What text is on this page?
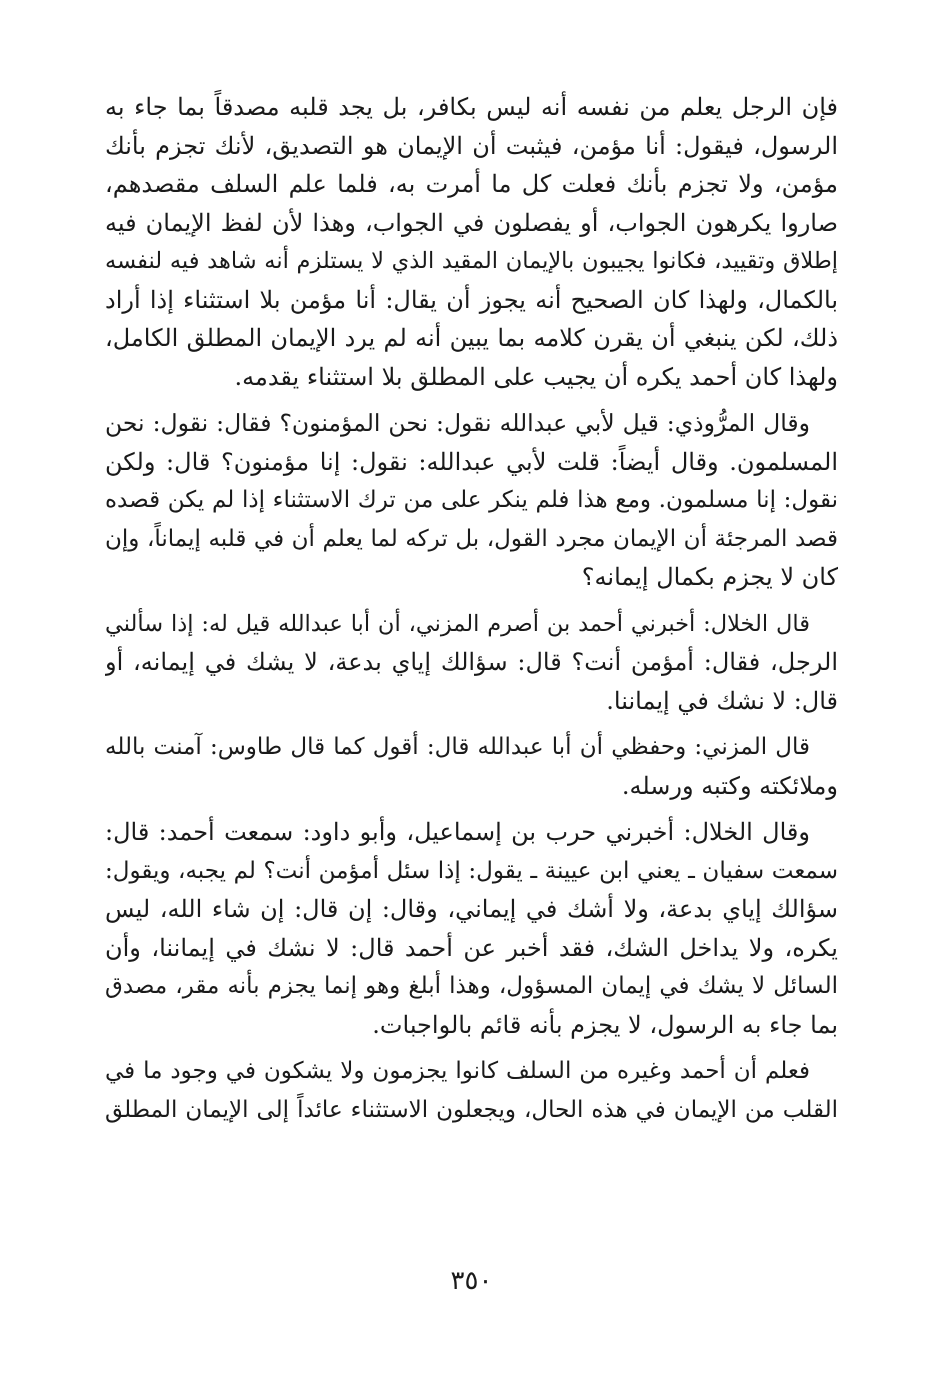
فإن الرجل يعلم من نفسه أنه ليس بكافر، بل يجد قلبه مصدقاً بما جاء به
الرسول، فيقول: أنا مؤمن، فيثبت أن الإيمان هو التصديق، لأنك تجزم بأنك
مؤمن، ولا تجزم بأنك فعلت كل ما أمرت به، فلما علم السلف مقصدهم،
صاروا يكرهون الجواب، أو يفصلون في الجواب، وهذا لأن لفظ الإيمان فيه
إطلاق وتقييد، فكانوا يجيبون بالإيمان المقيد الذي لا يستلزم أنه شاهد فيه لنفسه
بالكمال، ولهذا كان الصحيح أنه يجوز أن يقال: أنا مؤمن بلا استثناء إذا أراد
ذلك، لكن ينبغي أن يقرن كلامه بما يبين أنه لم يرد الإيمان المطلق الكامل،
ولهذا كان أحمد يكره أن يجيب على المطلق بلا استثناء يقدمه.
وقال المرُّوذي: قيل لأبي عبدالله نقول: نحن المؤمنون؟ فقال: نقول: نحن
المسلمون. وقال أيضاً: قلت لأبي عبدالله: نقول: إنا مؤمنون؟ قال: ولكن
نقول: إنا مسلمون. ومع هذا فلم ينكر على من ترك الاستثناء إذا لم يكن قصده
قصد المرجئة أن الإيمان مجرد القول، بل تركه لما يعلم أن في قلبه إيماناً، وإن
كان لا يجزم بكمال إيمانه؟
قال الخلال: أخبرني أحمد بن أصرم المزني، أن أبا عبدالله قيل له: إذا سألني
الرجل، فقال: أمؤمن أنت؟ قال: سؤالك إياي بدعة، لا يشك في إيمانه، أو
قال: لا نشك في إيماننا.
قال المزني: وحفظي أن أبا عبدالله قال: أقول كما قال طاوس: آمنت بالله
وملائكته وكتبه ورسله.
وقال الخلال: أخبرني حرب بن إسماعيل، وأبو داود: سمعت أحمد: قال:
سمعت سفيان ـ يعني ابن عيينة ـ يقول: إذا سئل أمؤمن أنت؟ لم يجبه، ويقول:
سؤالك إياي بدعة، ولا أشك في إيماني، وقال: إن قال: إن شاء الله، ليس
يكره، ولا يداخل الشك، فقد أخبر عن أحمد قال: لا نشك في إيماننا، وأن
السائل لا يشك في إيمان المسؤول، وهذا أبلغ وهو إنما يجزم بأنه مقر، مصدق
بما جاء به الرسول، لا يجزم بأنه قائم بالواجبات.
فعلم أن أحمد وغيره من السلف كانوا يجزمون ولا يشكون في وجود ما في
القلب من الإيمان في هذه الحال، ويجعلون الاستثناء عائداً إلى الإيمان المطلق
٣٥٠
